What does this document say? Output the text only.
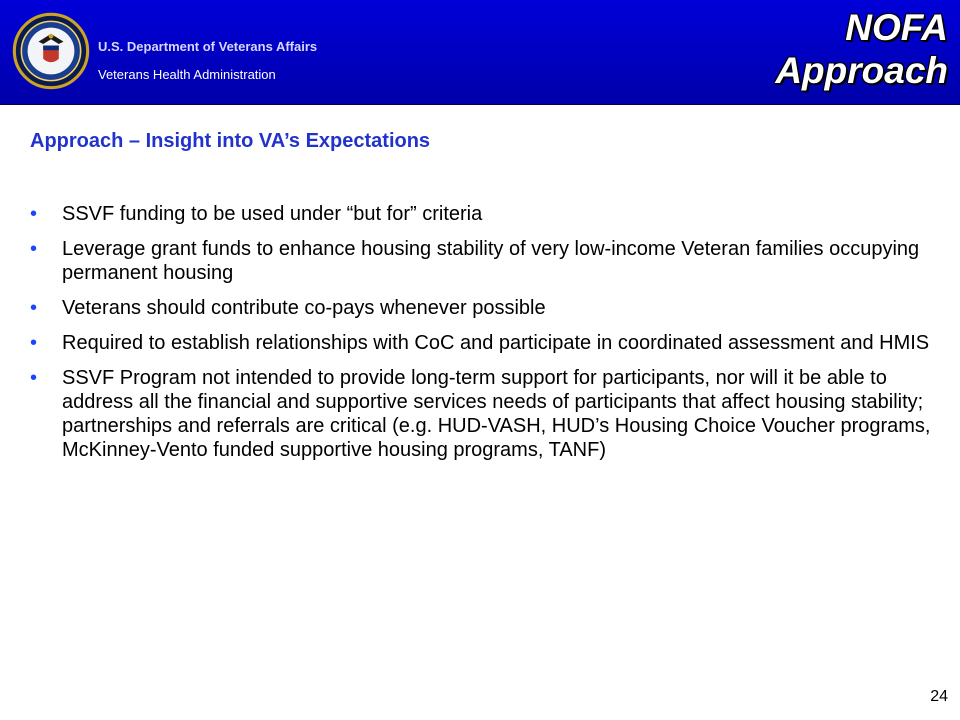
U.S. Department of Veterans Affairs
Veterans Health Administration
NOFA
Approach
Approach – Insight into VA’s Expectations
•	SSVF funding to be used under “but for” criteria
•	Leverage grant funds to enhance housing stability of very low-income Veteran families occupying permanent housing
•	Veterans should contribute co-pays whenever possible
•	Required to establish relationships with CoC and participate in coordinated assessment and HMIS
•	SSVF Program not intended to provide long-term support for participants, nor will it be able to address all the financial and supportive services needs of participants that affect housing stability; partnerships and referrals are critical (e.g. HUD-VASH, HUD’s Housing Choice Voucher programs, McKinney-Vento funded supportive housing programs, TANF)
24
